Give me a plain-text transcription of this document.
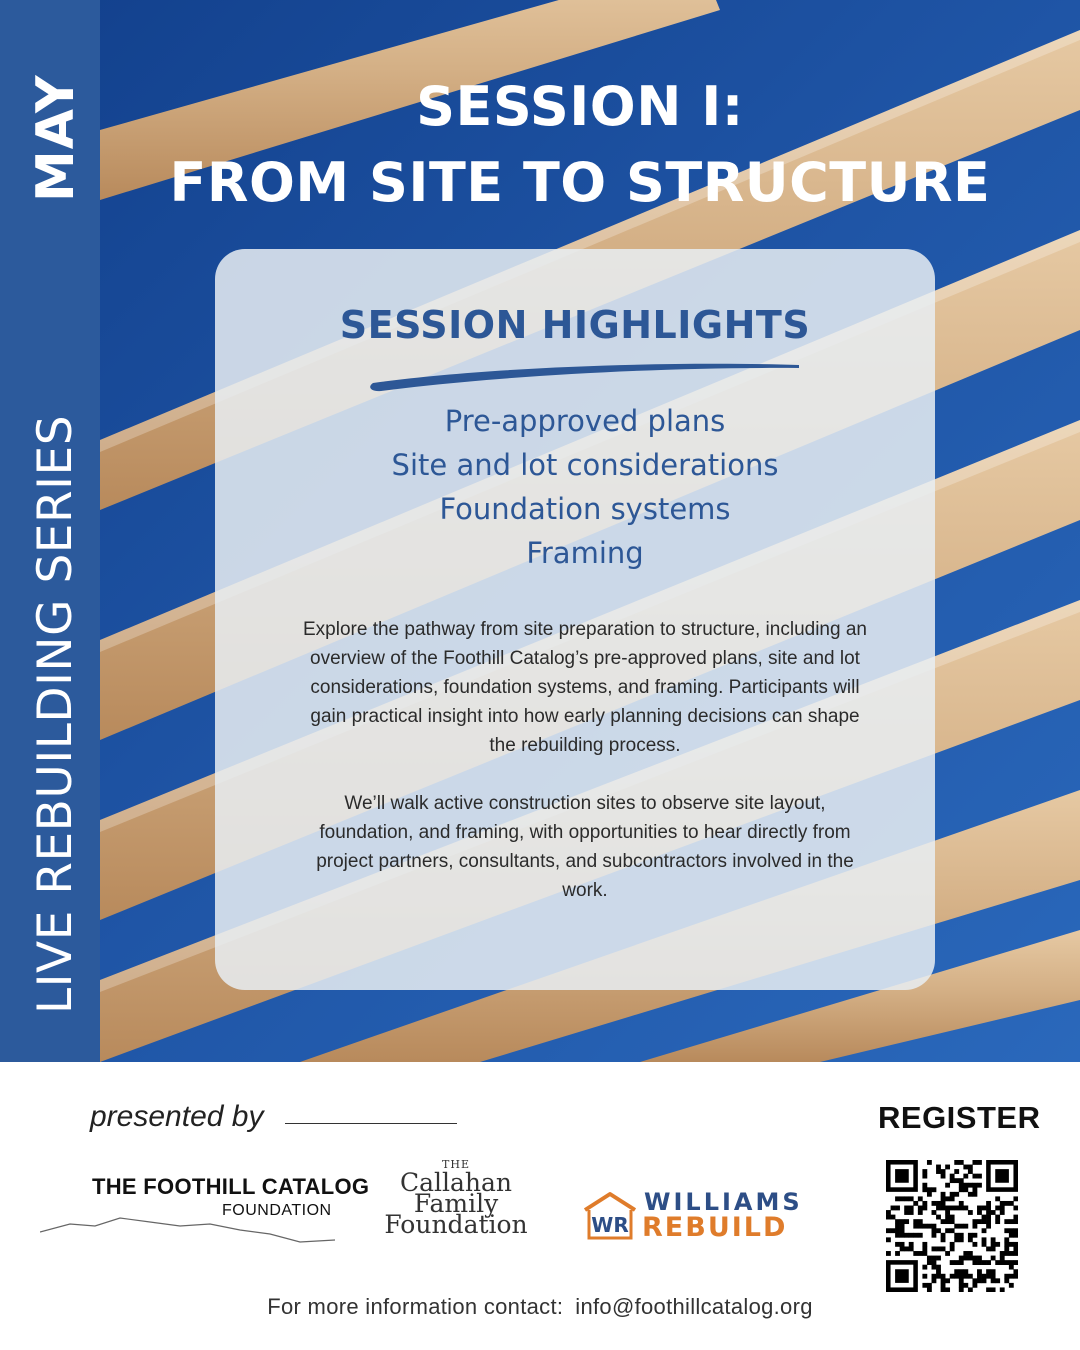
MAY
LIVE REBUILDING SERIES
SESSION I:
FROM SITE TO STRUCTURE
SESSION HIGHLIGHTS
Pre-approved plans
Site and lot considerations
Foundation systems
Framing

Explore the pathway from site preparation to structure, including an overview of the Foothill Catalog’s pre-approved plans, site and lot considerations, foundation systems, and framing. Participants will gain practical insight into how early planning decisions can shape the rebuilding process.

We’ll walk active construction sites to observe site layout, foundation, and framing, with opportunities to hear directly from project partners, consultants, and subcontractors involved in the work.

presented by
THE FOOTHILL CATALOG
FOUNDATION
THE
Callahan
Family
Foundation	WR
WILLIAMS
REBUILD
REGISTER
For more information contact: info@foothillcatalog.org
